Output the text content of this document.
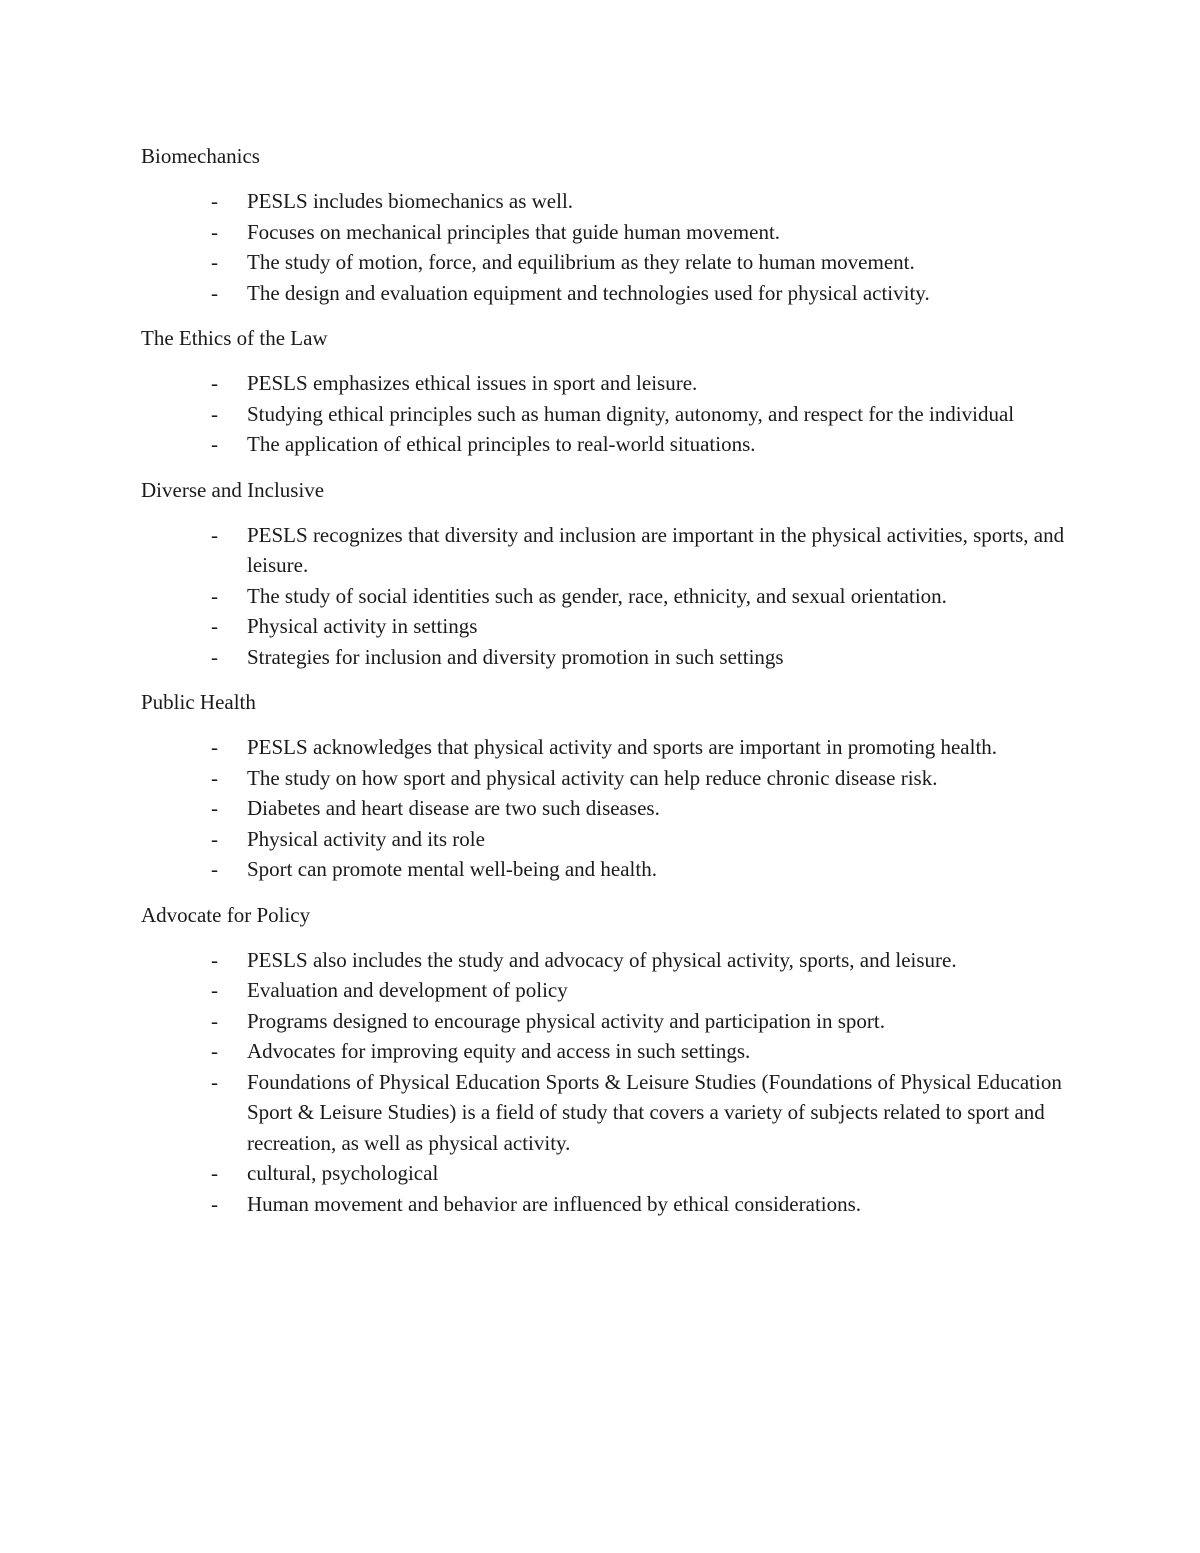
Biomechanics

- PESLS includes biomechanics as well.
- Focuses on mechanical principles that guide human movement.
- The study of motion, force, and equilibrium as they relate to human movement.
- The design and evaluation equipment and technologies used for physical activity.

The Ethics of the Law

- PESLS emphasizes ethical issues in sport and leisure.
- Studying ethical principles such as human dignity, autonomy, and respect for the individual
- The application of ethical principles to real-world situations.

Diverse and Inclusive

- PESLS recognizes that diversity and inclusion are important in the physical activities, sports, and leisure.
- The study of social identities such as gender, race, ethnicity, and sexual orientation.
- Physical activity in settings
- Strategies for inclusion and diversity promotion in such settings

Public Health

- PESLS acknowledges that physical activity and sports are important in promoting health.
- The study on how sport and physical activity can help reduce chronic disease risk.
- Diabetes and heart disease are two such diseases.
- Physical activity and its role
- Sport can promote mental well-being and health.

Advocate for Policy

- PESLS also includes the study and advocacy of physical activity, sports, and leisure.
- Evaluation and development of policy
- Programs designed to encourage physical activity and participation in sport.
- Advocates for improving equity and access in such settings.
- Foundations of Physical Education Sports & Leisure Studies (Foundations of Physical Education Sport & Leisure Studies) is a field of study that covers a variety of subjects related to sport and recreation, as well as physical activity.
- cultural, psychological
- Human movement and behavior are influenced by ethical considerations.
